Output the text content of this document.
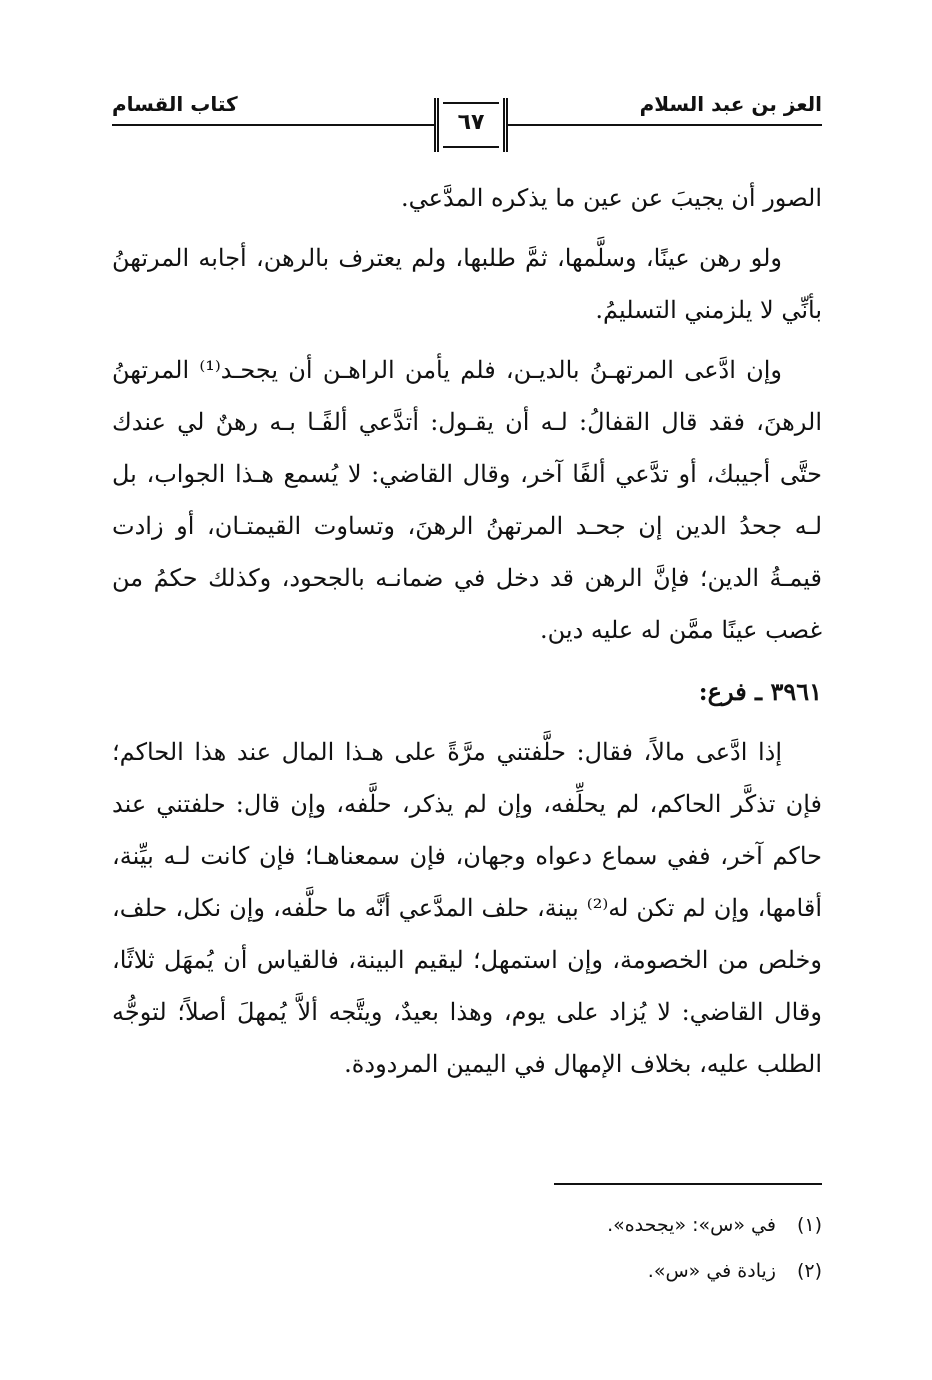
العز بن عبد السلام
كتاب القسام
٦٧

الصور أن يجيبَ عن عين ما يذكره المدَّعي.

ولو رهن عينًا، وسلَّمها، ثمَّ طلبها، ولم يعترف بالرهن، أجابه المرتهنُ بأنِّي لا يلزمني التسليمُ.

وإن ادَّعى المرتهـنُ بالديـن، فلم يأمن الراهـن أن يجحـد⁽¹⁾ المرتهنُ الرهنَ، فقد قال القفالُ: لـه أن يقـول: أتدَّعي ألفًـا بـه رهنٌ لي عندك حتَّى أجيبك، أو تدَّعي ألفًا آخر، وقال القاضي: لا يُسمع هـذا الجواب، بل لـه جحدُ الدين إن جحـد المرتهنُ الرهنَ، وتساوت القيمتـان، أو زادت قيمـةُ الدين؛ فإنَّ الرهن قد دخل في ضمانـه بالجحود، وكذلك حكمُ من غصب عينًا ممَّن له عليه دين.

٣٩٦١ ـ فرع:

إذا ادَّعى مالاً، فقال: حلَّفتني مرَّةً على هـذا المال عند هذا الحاكم؛ فإن تذكَّر الحاكم، لم يحلِّفه، وإن لم يذكر، حلَّفه، وإن قال: حلفتني عند حاكم آخر، ففي سماع دعواه وجهان، فإن سمعناهـا؛ فإن كانت لـه بيِّنة، أقامها، وإن لم تكن له⁽²⁾ بينة، حلف المدَّعي أنَّه ما حلَّفه، وإن نكل، حلف، وخلص من الخصومة، وإن استمهل؛ ليقيم البينة، فالقياس أن يُمهَل ثلاثًا، وقال القاضي: لا يُزاد على يوم، وهذا بعيدٌ، ويتَّجه ألاَّ يُمهلَ أصلاً؛ لتوجُّه الطلب عليه، بخلاف الإمهال في اليمين المردودة.

(١) في «س»: «يجحده».
(٢) زيادة في «س».
